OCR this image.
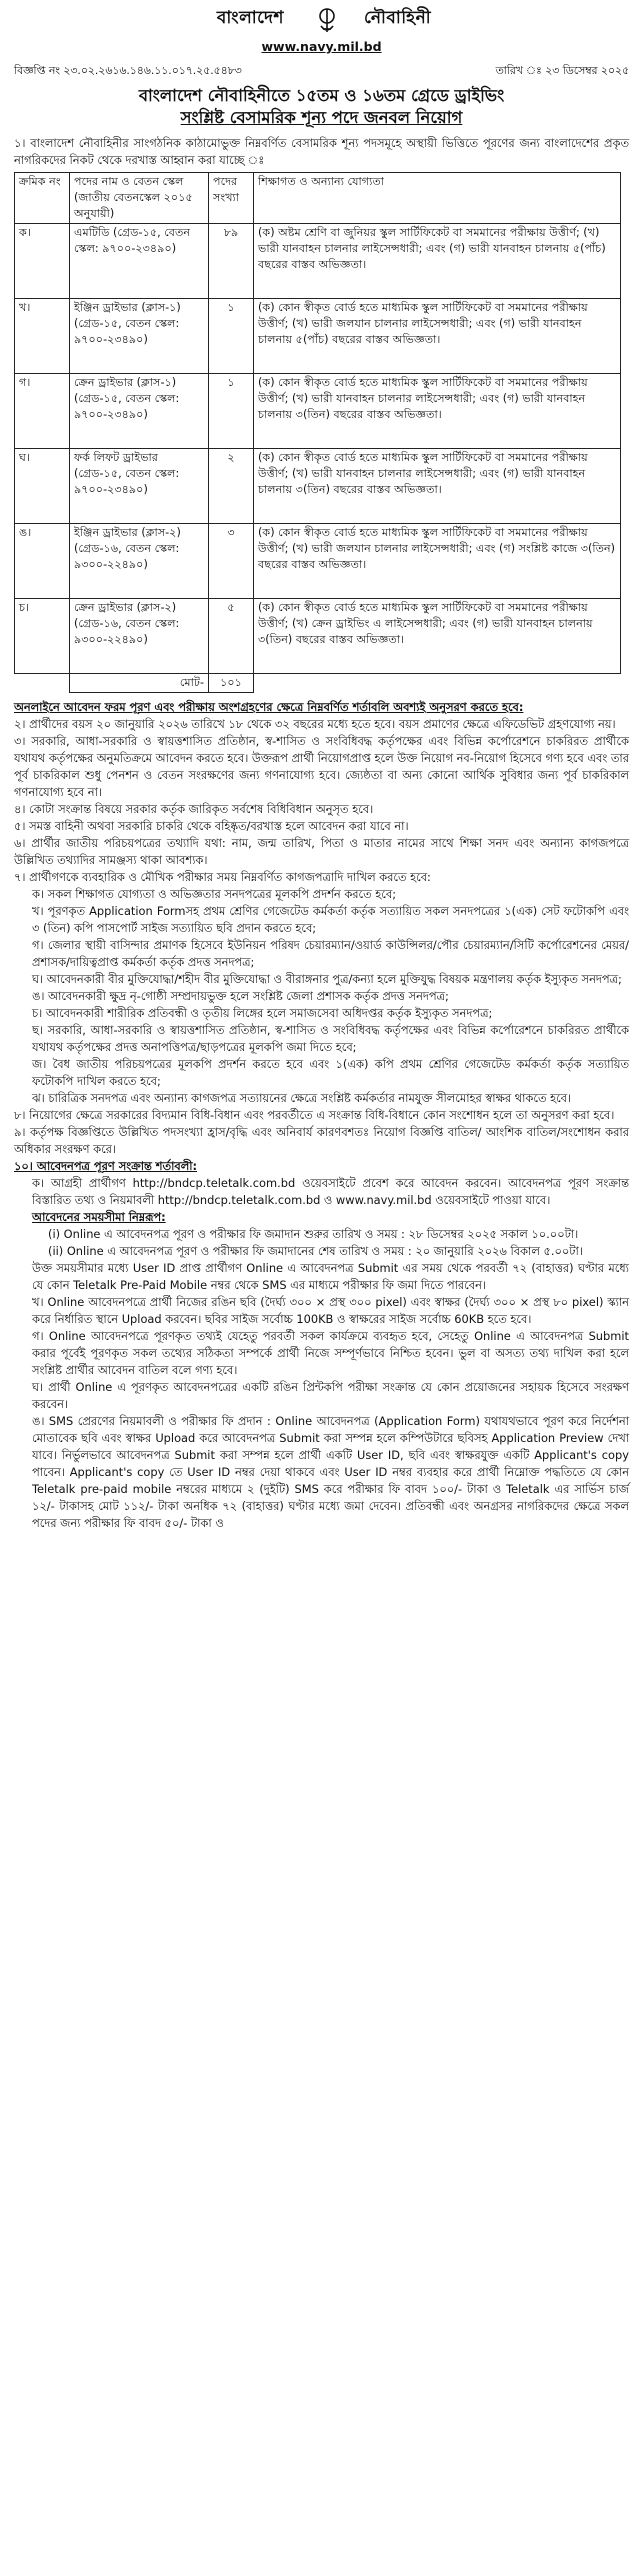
বাংলাদেশ	নৌবাহিনী
www.navy.mil.bd
বিজ্ঞপ্তি নং ২৩.০২.২৬১৬.১৪৬.১১.০১৭.২৫.৫৪৮৩	তারিখ ঃ ২৩ ডিসেম্বর ২০২৫
বাংলাদেশ নৌবাহিনীতে ১৫তম ও ১৬তম গ্রেডে ড্রাইভিং
সংশ্লিষ্ট বেসামরিক শূন্য পদে জনবল নিয়োগ
১। বাংলাদেশ নৌবাহিনীর সাংগঠনিক কাঠামোভুক্ত নিম্নবর্ণিত বেসামরিক শূন্য পদসমূহে অস্থায়ী ভিত্তিতে পূরণের জন্য বাংলাদেশের প্রকৃত নাগরিকদের নিকট থেকে দরখাস্ত আহ্বান করা যাচ্ছে ঃ
ক্রমিক নং	পদের নাম ও বেতন স্কেল (জাতীয় বেতনস্কেল ২০১৫ অনুযায়ী)	পদের সংখ্যা	শিক্ষাগত ও অন্যান্য যোগ্যতা
ক।	এমটিডি (গ্রেড-১৫, বেতন স্কেল: ৯৭০০-২৩৪৯০)	৮৯	(ক) অষ্টম শ্রেণি বা জুনিয়র স্কুল সার্টিফিকেট বা সমমানের পরীক্ষায় উত্তীর্ণ; (খ) ভারী যানবাহন চালনার লাইসেন্সধারী; এবং (গ) ভারী যানবাহন চালনায় ৫(পাঁচ) বছরের বাস্তব অভিজ্ঞতা।
খ।	ইঞ্জিন ড্রাইভার (ক্লাস-১) (গ্রেড-১৫, বেতন স্কেল: ৯৭০০-২৩৪৯০)	১	(ক) কোন স্বীকৃত বোর্ড হতে মাধ্যমিক স্কুল সার্টিফিকেট বা সমমানের পরীক্ষায় উত্তীর্ণ; (খ) ভারী জলযান চালনার লাইসেন্সধারী; এবং (গ) ভারী যানবাহন চালনায় ৫(পাঁচ) বছরের বাস্তব অভিজ্ঞতা।
গ।	ক্রেন ড্রাইভার (ক্লাস-১) (গ্রেড-১৫, বেতন স্কেল: ৯৭০০-২৩৪৯০)	১	(ক) কোন স্বীকৃত বোর্ড হতে মাধ্যমিক স্কুল সার্টিফিকেট বা সমমানের পরীক্ষায় উত্তীর্ণ; (খ) ভারী যানবাহন চালনার লাইসেন্সধারী; এবং (গ) ভারী যানবাহন চালনায় ৩(তিন) বছরের বাস্তব অভিজ্ঞতা।
ঘ।	ফর্ক লিফট ড্রাইভার (গ্রেড-১৫, বেতন স্কেল: ৯৭০০-২৩৪৯০)	২	(ক) কোন স্বীকৃত বোর্ড হতে মাধ্যমিক স্কুল সার্টিফিকেট বা সমমানের পরীক্ষায় উত্তীর্ণ; (খ) ভারী যানবাহন চালনার লাইসেন্সধারী; এবং (গ) ভারী যানবাহন চালনায় ৩(তিন) বছরের বাস্তব অভিজ্ঞতা।
ঙ।	ইঞ্জিন ড্রাইভার (ক্লাস-২) (গ্রেড-১৬, বেতন স্কেল: ৯৩০০-২২৪৯০)	৩	(ক) কোন স্বীকৃত বোর্ড হতে মাধ্যমিক স্কুল সার্টিফিকেট বা সমমানের পরীক্ষায় উত্তীর্ণ; (খ) ভারী জলযান চালনার লাইসেন্সধারী; এবং (গ) সংশ্লিষ্ট কাজে ৩(তিন) বছরের বাস্তব অভিজ্ঞতা।
চ।	ক্রেন ড্রাইভার (ক্লাস-২) (গ্রেড-১৬, বেতন স্কেল: ৯৩০০-২২৪৯০)	৫	(ক) কোন স্বীকৃত বোর্ড হতে মাধ্যমিক স্কুল সার্টিফিকেট বা সমমানের পরীক্ষায় উত্তীর্ণ; (খ) ক্রেন ড্রাইভিং এ লাইসেন্সধারী; এবং (গ) ভারী যানবাহন চালনায় ৩(তিন) বছরের বাস্তব অভিজ্ঞতা।
	মোট-	১০১	

অনলাইনে আবেদন ফরম পূরণ এবং পরীক্ষায় অংশগ্রহণের ক্ষেত্রে নিম্নবর্ণিত শর্তাবলি অবশ্যই অনুসরণ করতে হবে:

২। প্রার্থীদের বয়স ২০ জানুয়ারি ২০২৬ তারিখে ১৮ থেকে ৩২ বছরের মধ্যে হতে হবে। বয়স প্রমাণের ক্ষেত্রে এফিডেভিট গ্রহণযোগ্য নয়।

৩। সরকারি, আধা-সরকারি ও স্বায়ত্তশাসিত প্রতিষ্ঠান, স্ব-শাসিত ও সংবিধিবদ্ধ কর্তৃপক্ষের এবং বিভিন্ন কর্পোরেশনে চাকরিরত প্রার্থীকে যথাযথ কর্তৃপক্ষের অনুমতিক্রমে আবেদন করতে হবে। উক্তরূপ প্রার্থী নিয়োগপ্রাপ্ত হলে উক্ত নিয়োগ নব-নিয়োগ হিসেবে গণ্য হবে এবং তার পূর্ব চাকরিকাল শুধু পেনশন ও বেতন সংরক্ষণের জন্য গণনাযোগ্য হবে। জ্যেষ্ঠতা বা অন্য কোনো আর্থিক সুবিধার জন্য পূর্ব চাকরিকাল গণনাযোগ্য হবে না।

৪। কোটা সংক্রান্ত বিষয়ে সরকার কর্তৃক জারিকৃত সর্বশেষ বিধিবিধান অনুসৃত হবে।

৫। সমস্ত বাহিনী অথবা সরকারি চাকরি থেকে বহিষ্কৃত/বরখাস্ত হলে আবেদন করা যাবে না।

৬। প্রার্থীর জাতীয় পরিচয়পত্রের তথ্যাদি যথা: নাম, জন্ম তারিখ, পিতা ও মাতার নামের সাথে শিক্ষা সনদ এবং অন্যান্য কাগজপত্রে উল্লিখিত তথ্যাদির সামঞ্জস্য থাকা আবশ্যক।

৭। প্রার্থীগণকে ব্যবহারিক ও মৌখিক পরীক্ষার সময় নিম্নবর্ণিত কাগজপত্রাদি দাখিল করতে হবে:

ক। সকল শিক্ষাগত যোগ্যতা ও অভিজ্ঞতার সনদপত্রের মূলকপি প্রদর্শন করতে হবে;

খ। পূরণকৃত Application Formসহ প্রথম শ্রেণির গেজেটেড কর্মকর্তা কর্তৃক সত্যায়িত সকল সনদপত্রের ১(এক) সেট ফটোকপি এবং ৩ (তিন) কপি পাসপোর্ট সাইজ সত্যায়িত ছবি প্রদান করতে হবে;

গ। জেলার স্থায়ী বাসিন্দার প্রমাণক হিসেবে ইউনিয়ন পরিষদ চেয়ারম্যান/ওয়ার্ড কাউন্সিলর/পৌর চেয়ারম্যান/সিটি কর্পোরেশনের মেয়র/প্রশাসক/দায়িত্বপ্রাপ্ত কর্মকর্তা কর্তৃক প্রদত্ত সনদপত্র;

ঘ। আবেদনকারী বীর মুক্তিযোদ্ধা/শহীদ বীর মুক্তিযোদ্ধা ও বীরাঙ্গনার পুত্র/কন্যা হলে মুক্তিযুদ্ধ বিষয়ক মন্ত্রণালয় কর্তৃক ইস্যুকৃত সনদপত্র;

ঙ। আবেদনকারী ক্ষুদ্র নৃ-গোষ্ঠী সম্প্রদায়ভুক্ত হলে সংশ্লিষ্ট জেলা প্রশাসক কর্তৃক প্রদত্ত সনদপত্র;

চ। আবেদনকারী শারীরিক প্রতিবন্ধী ও তৃতীয় লিঙ্গের হলে সমাজসেবা অধিদপ্তর কর্তৃক ইস্যুকৃত সনদপত্র;

ছ। সরকারি, আধা-সরকারি ও স্বায়ত্তশাসিত প্রতিষ্ঠান, স্ব-শাসিত ও সংবিধিবদ্ধ কর্তৃপক্ষের এবং বিভিন্ন কর্পোরেশনে চাকরিরত প্রার্থীকে যথাযথ কর্তৃপক্ষের প্রদত্ত অনাপত্তিপত্র/ছাড়পত্রের মূলকপি জমা দিতে হবে;

জ। বৈধ জাতীয় পরিচয়পত্রের মূলকপি প্রদর্শন করতে হবে এবং ১(এক) কপি প্রথম শ্রেণির গেজেটেড কর্মকর্তা কর্তৃক সত্যায়িত ফটোকপি দাখিল করতে হবে;

ঝ। চারিত্রিক সনদপত্র এবং অন্যান্য কাগজপত্র সত্যায়নের ক্ষেত্রে সংশ্লিষ্ট কর্মকর্তার নামযুক্ত সীলমোহর স্বাক্ষর থাকতে হবে।

৮। নিয়োগের ক্ষেত্রে সরকারের বিদ্যমান বিধি-বিধান এবং পরবর্তীতে এ সংক্রান্ত বিধি-বিধানে কোন সংশোধন হলে তা অনুসরণ করা হবে।

৯। কর্তৃপক্ষ বিজ্ঞপ্তিতে উল্লিখিত পদসংখ্যা হ্রাস/বৃদ্ধি এবং অনিবার্য কারণবশতঃ নিয়োগ বিজ্ঞপ্তি বাতিল/ আংশিক বাতিল/সংশোধন করার অধিকার সংরক্ষণ করে।

১০। আবেদনপত্র পূরণ সংক্রান্ত শর্তাবলী:

ক। আগ্রহী প্রার্থীগণ http://bndcp.teletalk.com.bd ওয়েবসাইটে প্রবেশ করে আবেদন করবেন। আবেদনপত্র পূরণ সংক্রান্ত বিস্তারিত তথ্য ও নিয়মাবলী http://bndcp.teletalk.com.bd ও www.navy.mil.bd ওয়েবসাইটে পাওয়া যাবে।

আবেদনের সময়সীমা নিম্নরূপ:

(i) Online এ আবেদনপত্র পূরণ ও পরীক্ষার ফি জমাদান শুরুর তারিখ ও সময় : ২৮ ডিসেম্বর ২০২৫ সকাল ১০.০০টা।

(ii) Online এ আবেদনপত্র পূরণ ও পরীক্ষার ফি জমাদানের শেষ তারিখ ও সময় : ২০ জানুয়ারি ২০২৬ বিকাল ৫.০০টা।

উক্ত সময়সীমার মধ্যে User ID প্রাপ্ত প্রার্থীগণ Online এ আবেদনপত্র Submit এর সময় থেকে পরবর্তী ৭২ (বাহাত্তর) ঘণ্টার মধ্যে যে কোন Teletalk Pre-Paid Mobile নম্বর থেকে SMS এর মাধ্যমে পরীক্ষার ফি জমা দিতে পারবেন।

খ। Online আবেদনপত্রে প্রার্থী নিজের রঙিন ছবি (দৈর্ঘ্য ৩০০ × প্রস্থ ৩০০ pixel) এবং স্বাক্ষর (দৈর্ঘ্য ৩০০ × প্রস্থ ৮০ pixel) স্ক্যান করে নির্ধারিত স্থানে Upload করবেন। ছবির সাইজ সর্বোচ্চ 100KB ও স্বাক্ষরের সাইজ সর্বোচ্চ 60KB হতে হবে।

গ। Online আবেদনপত্রে পূরণকৃত তথ্যই যেহেতু পরবর্তী সকল কার্যক্রমে ব্যবহৃত হবে, সেহেতু Online এ আবেদনপত্র Submit করার পূর্বেই পূরণকৃত সকল তথ্যের সঠিকতা সম্পর্কে প্রার্থী নিজে সম্পূর্ণভাবে নিশ্চিত হবেন। ভুল বা অসত্য তথ্য দাখিল করা হলে সংশ্লিষ্ট প্রার্থীর আবেদন বাতিল বলে গণ্য হবে।

ঘ। প্রার্থী Online এ পূরণকৃত আবেদনপত্রের একটি রঙিন প্রিন্টকপি পরীক্ষা সংক্রান্ত যে কোন প্রয়োজনের সহায়ক হিসেবে সংরক্ষণ করবেন।

ঙ। SMS প্রেরণের নিয়মাবলী ও পরীক্ষার ফি প্রদান : Online আবেদনপত্র (Application Form) যথাযথভাবে পূরণ করে নির্দেশনা মোতাবেক ছবি এবং স্বাক্ষর Upload করে আবেদনপত্র Submit করা সম্পন্ন হলে কম্পিউটারে ছবিসহ Application Preview দেখা যাবে। নির্ভুলভাবে আবেদনপত্র Submit করা সম্পন্ন হলে প্রার্থী একটি User ID, ছবি এবং স্বাক্ষরযুক্ত একটি Applicant's copy পাবেন। Applicant's copy তে User ID নম্বর দেয়া থাকবে এবং User ID নম্বর ব্যবহার করে প্রার্থী নিম্নোক্ত পদ্ধতিতে যে কোন Teletalk pre-paid mobile নম্বরের মাধ্যমে ২ (দুইটি) SMS করে পরীক্ষার ফি বাবদ ১০০/- টাকা ও Teletalk এর সার্ভিস চার্জ ১২/- টাকাসহ মোট ১১২/- টাকা অনধিক ৭২ (বাহাত্তর) ঘণ্টার মধ্যে জমা দেবেন। প্রতিবন্ধী এবং অনগ্রসর নাগরিকদের ক্ষেত্রে সকল পদের জন্য পরীক্ষার ফি বাবদ ৫০/- টাকা ও
